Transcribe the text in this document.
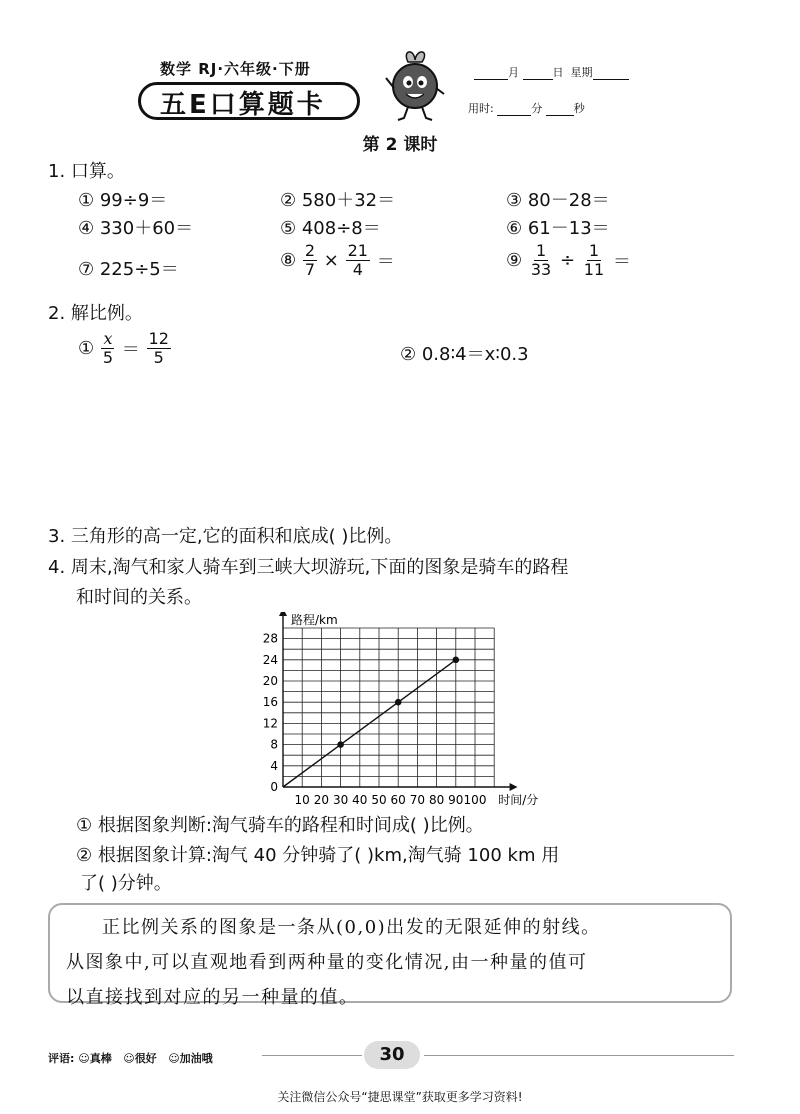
数学 RJ·六年级·下册
五E口算题卡
月	日 星期
用时:	分	秒
第 2 课时
1. 口算。
① 99÷9＝	② 580＋32＝	③ 80－28＝
④ 330＋60＝	⑤ 408÷8＝	⑥ 61－13＝
⑦ 225÷5＝	⑧ $\frac{2}{7} \times \frac{21}{4}$ ＝	⑨ $\frac{1}{33} \div \frac{1}{11}$ ＝
2. 解比例。
① $\frac{x}{5} = \frac{12}{5}$	② 0.8∶4＝x∶0.3
3. 三角形的高一定,它的面积和底成( )比例。
4. 周末,淘气和家人骑车到三峡大坝游玩,下面的图象是骑车的路程
和时间的关系。
路程/km
时间/分
10 20 30 40 50 60 70 80 90 100
0
4
8
12
16
20
24
28
① 根据图象判断:淘气骑车的路程和时间成( )比例。
② 根据图象计算:淘气 40 分钟骑了( )km,淘气骑 100 km 用
了( )分钟。
正比例关系的图象是一条从(0,0)出发的无限延伸的射线。
从图象中,可以直观地看到两种量的变化情况,由一种量的值可
以直接找到对应的另一种量的值。
评语: ☺真棒 ☺很好 ☺加油哦	30
关注微信公众号“捷思课堂”获取更多学习资料!
